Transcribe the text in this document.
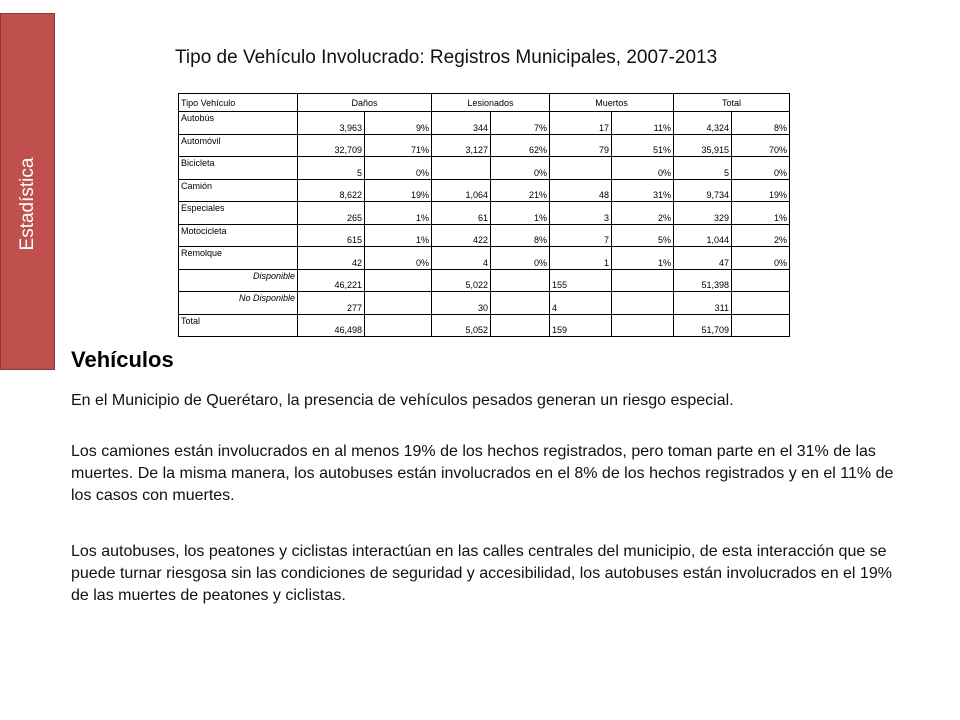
Estadística
Tipo de Vehículo Involucrado: Registros Municipales, 2007-2013
Tipo Vehículo	Daños		Lesionados		Muertos		Total	
Autobús	3,963	9%	344	7%	17	11%	4,324	8%
Automóvil	32,709	71%	3,127	62%	79	51%	35,915	70%
Bicicleta	5	0%		0%		0%	5	0%
Camión	8,622	19%	1,064	21%	48	31%	9,734	19%
Especiales	265	1%	61	1%	3	2%	329	1%
Motocicleta	615	1%	422	8%	7	5%	1,044	2%
Remolque	42	0%	4	0%	1	1%	47	0%
Disponible	46,221		5,022		155		51,398	
No Disponible	277		30		4		311	
Total	46,498		5,052		159		51,709	
Vehículos

En el Municipio de Querétaro, la presencia de vehículos pesados generan un riesgo especial.

Los camiones están involucrados en al menos 19% de los hechos registrados, pero toman parte en el 31% de las muertes. De la misma manera, los autobuses están involucrados en el 8% de los hechos registrados y en el 11% de los casos con muertes.

Los autobuses, los peatones y ciclistas interactúan en las calles centrales del municipio, de esta interacción que se puede turnar riesgosa sin las condiciones de seguridad y accesibilidad, los autobuses están involucrados en el 19% de las muertes de peatones y ciclistas.
